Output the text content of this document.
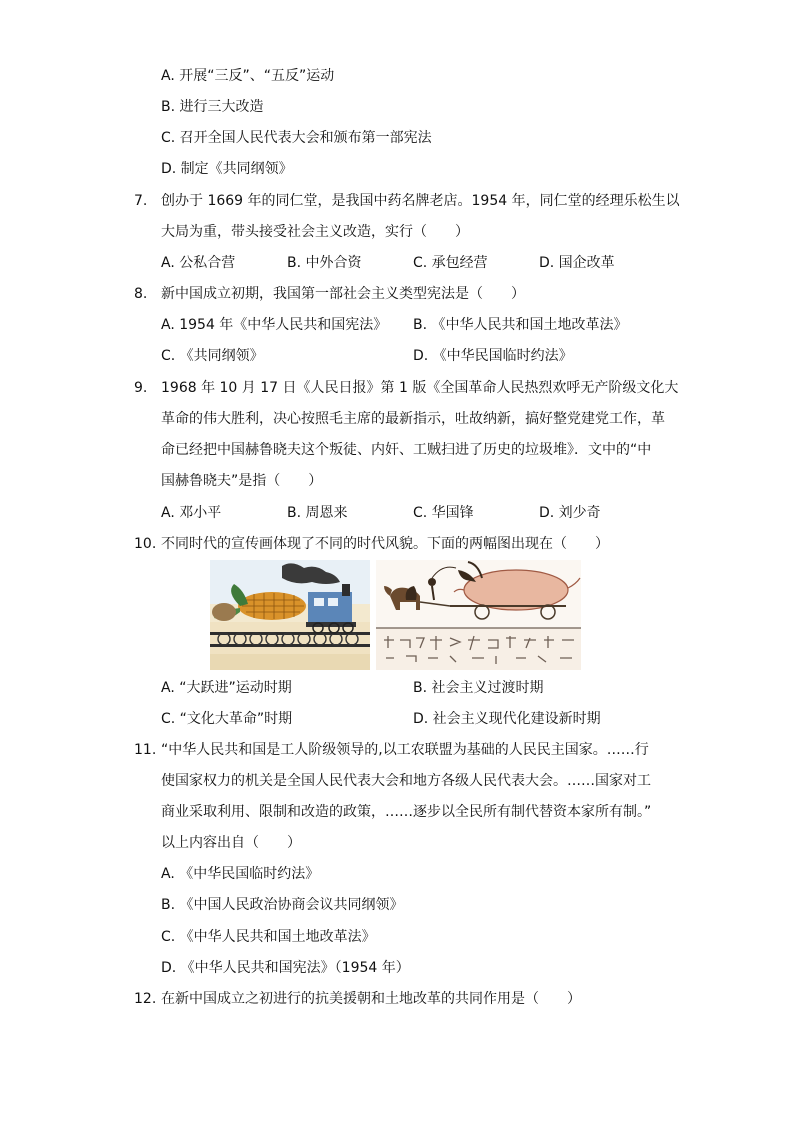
A. 开展“三反”、“五反”运动
B. 进行三大改造
C. 召开全国人民代表大会和颁布第一部宪法
D. 制定《共同纲领》
7. 创办于 1669 年的同仁堂，是我国中药名牌老店。1954 年，同仁堂的经理乐松生以
大局为重，带头接受社会主义改造，实行（　　）
A. 公私合营	B. 中外合资	C. 承包经营	D. 国企改革
8. 新中国成立初期，我国第一部社会主义类型宪法是（　　）
A. 1954 年《中华人民共和国宪法》 B. 《中华人民共和国土地改革法》
C. 《共同纲领》	D. 《中华民国临时约法》
9. 1968 年 10 月 17 日《人民日报》第 1 版《全国革命人民热烈欢呼无产阶级文化大
革命的伟大胜利，决心按照毛主席的最新指示，吐故纳新，搞好整党建党工作，革
命已经把中国赫鲁晓夫这个叛徒、内奸、工贼扫进了历史的垃圾堆》．文中的“中
国赫鲁晓夫”是指（　　）
A. 邓小平	B. 周恩来	C. 华国锋	D. 刘少奇
10. 不同时代的宣传画体现了不同的时代风貌。下面的两幅图出现在（　　）
A. “大跃进”运动时期	B. 社会主义过渡时期
C. “文化大革命”时期	D. 社会主义现代化建设新时期
11. “中华人民共和国是工人阶级领导的,以工农联盟为基础的人民民主国家。……行
使国家权力的机关是全国人民代表大会和地方各级人民代表大会。……国家对工
商业采取利用、限制和改造的政策，……逐步以全民所有制代替资本家所有制。”
以上内容出自（　　）
A. 《中华民国临时约法》
B. 《中国人民政治协商会议共同纲领》
C. 《中华人民共和国土地改革法》
D. 《中华人民共和国宪法》（1954 年）
12. 在新中国成立之初进行的抗美援朝和土地改革的共同作用是（　　）
